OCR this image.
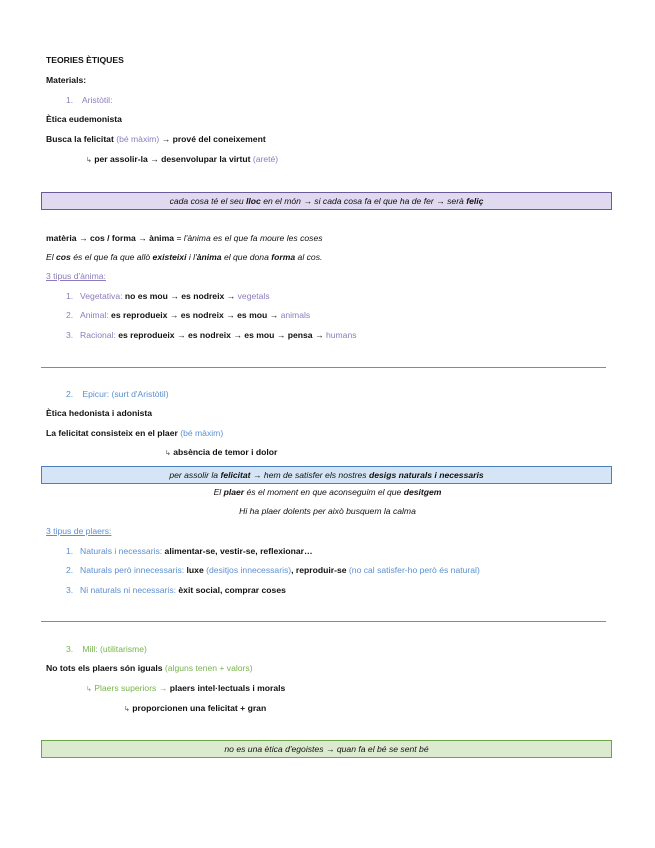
TEORIES ÈTIQUES
Materials:
1. Aristòtil:
Ètica eudemonista
Busca la felicitat (bé màxim) → prové del coneixement
↳ per assolir-la → desenvolupar la virtut (areté)
cada cosa té el seu lloc en el món → si cada cosa fa el que ha de fer → serà feliç
matèria → cos / forma → ànima = l'ànima es el que fa moure les coses
El cos és el que fa que allò existeixi i l'ànima el que dona forma al cos.
3 tipus d'ànima:
1. Vegetativa: no es mou → es nodreix → vegetals
2. Animal: es reprodueix → es nodreix → es mou → animals
3. Racional: es reprodueix → es nodreix → es mou → pensa → humans
2. Epicur: (surt d'Aristòtil)
Ètica hedonista i adonista
La felicitat consisteix en el plaer (bé màxim)
↳ absència de temor i dolor
per assolir la felicitat → hem de satisfer els nostres desigs naturals i necessaris
El plaer és el moment en que aconseguim el que desitgem
Hi ha plaer dolents per això busquem la calma
3 tipus de plaers:
1. Naturals i necessaris: alimentar-se, vestir-se, reflexionar…
2. Naturals però innecessaris: luxe (desitjos innecessaris), reproduir-se (no cal satisfer-ho però és natural)
3. Ni naturals ni necessaris: èxit social, comprar coses
3. Mill: (utilitarisme)
No tots els plaers són iguals (alguns tenen + valors)
↳ Plaers superiors → plaers intel·lectuals i morals
↳ proporcionen una felicitat + gran
no es una ètica d'egoistes → quan fa el bé se sent bé
